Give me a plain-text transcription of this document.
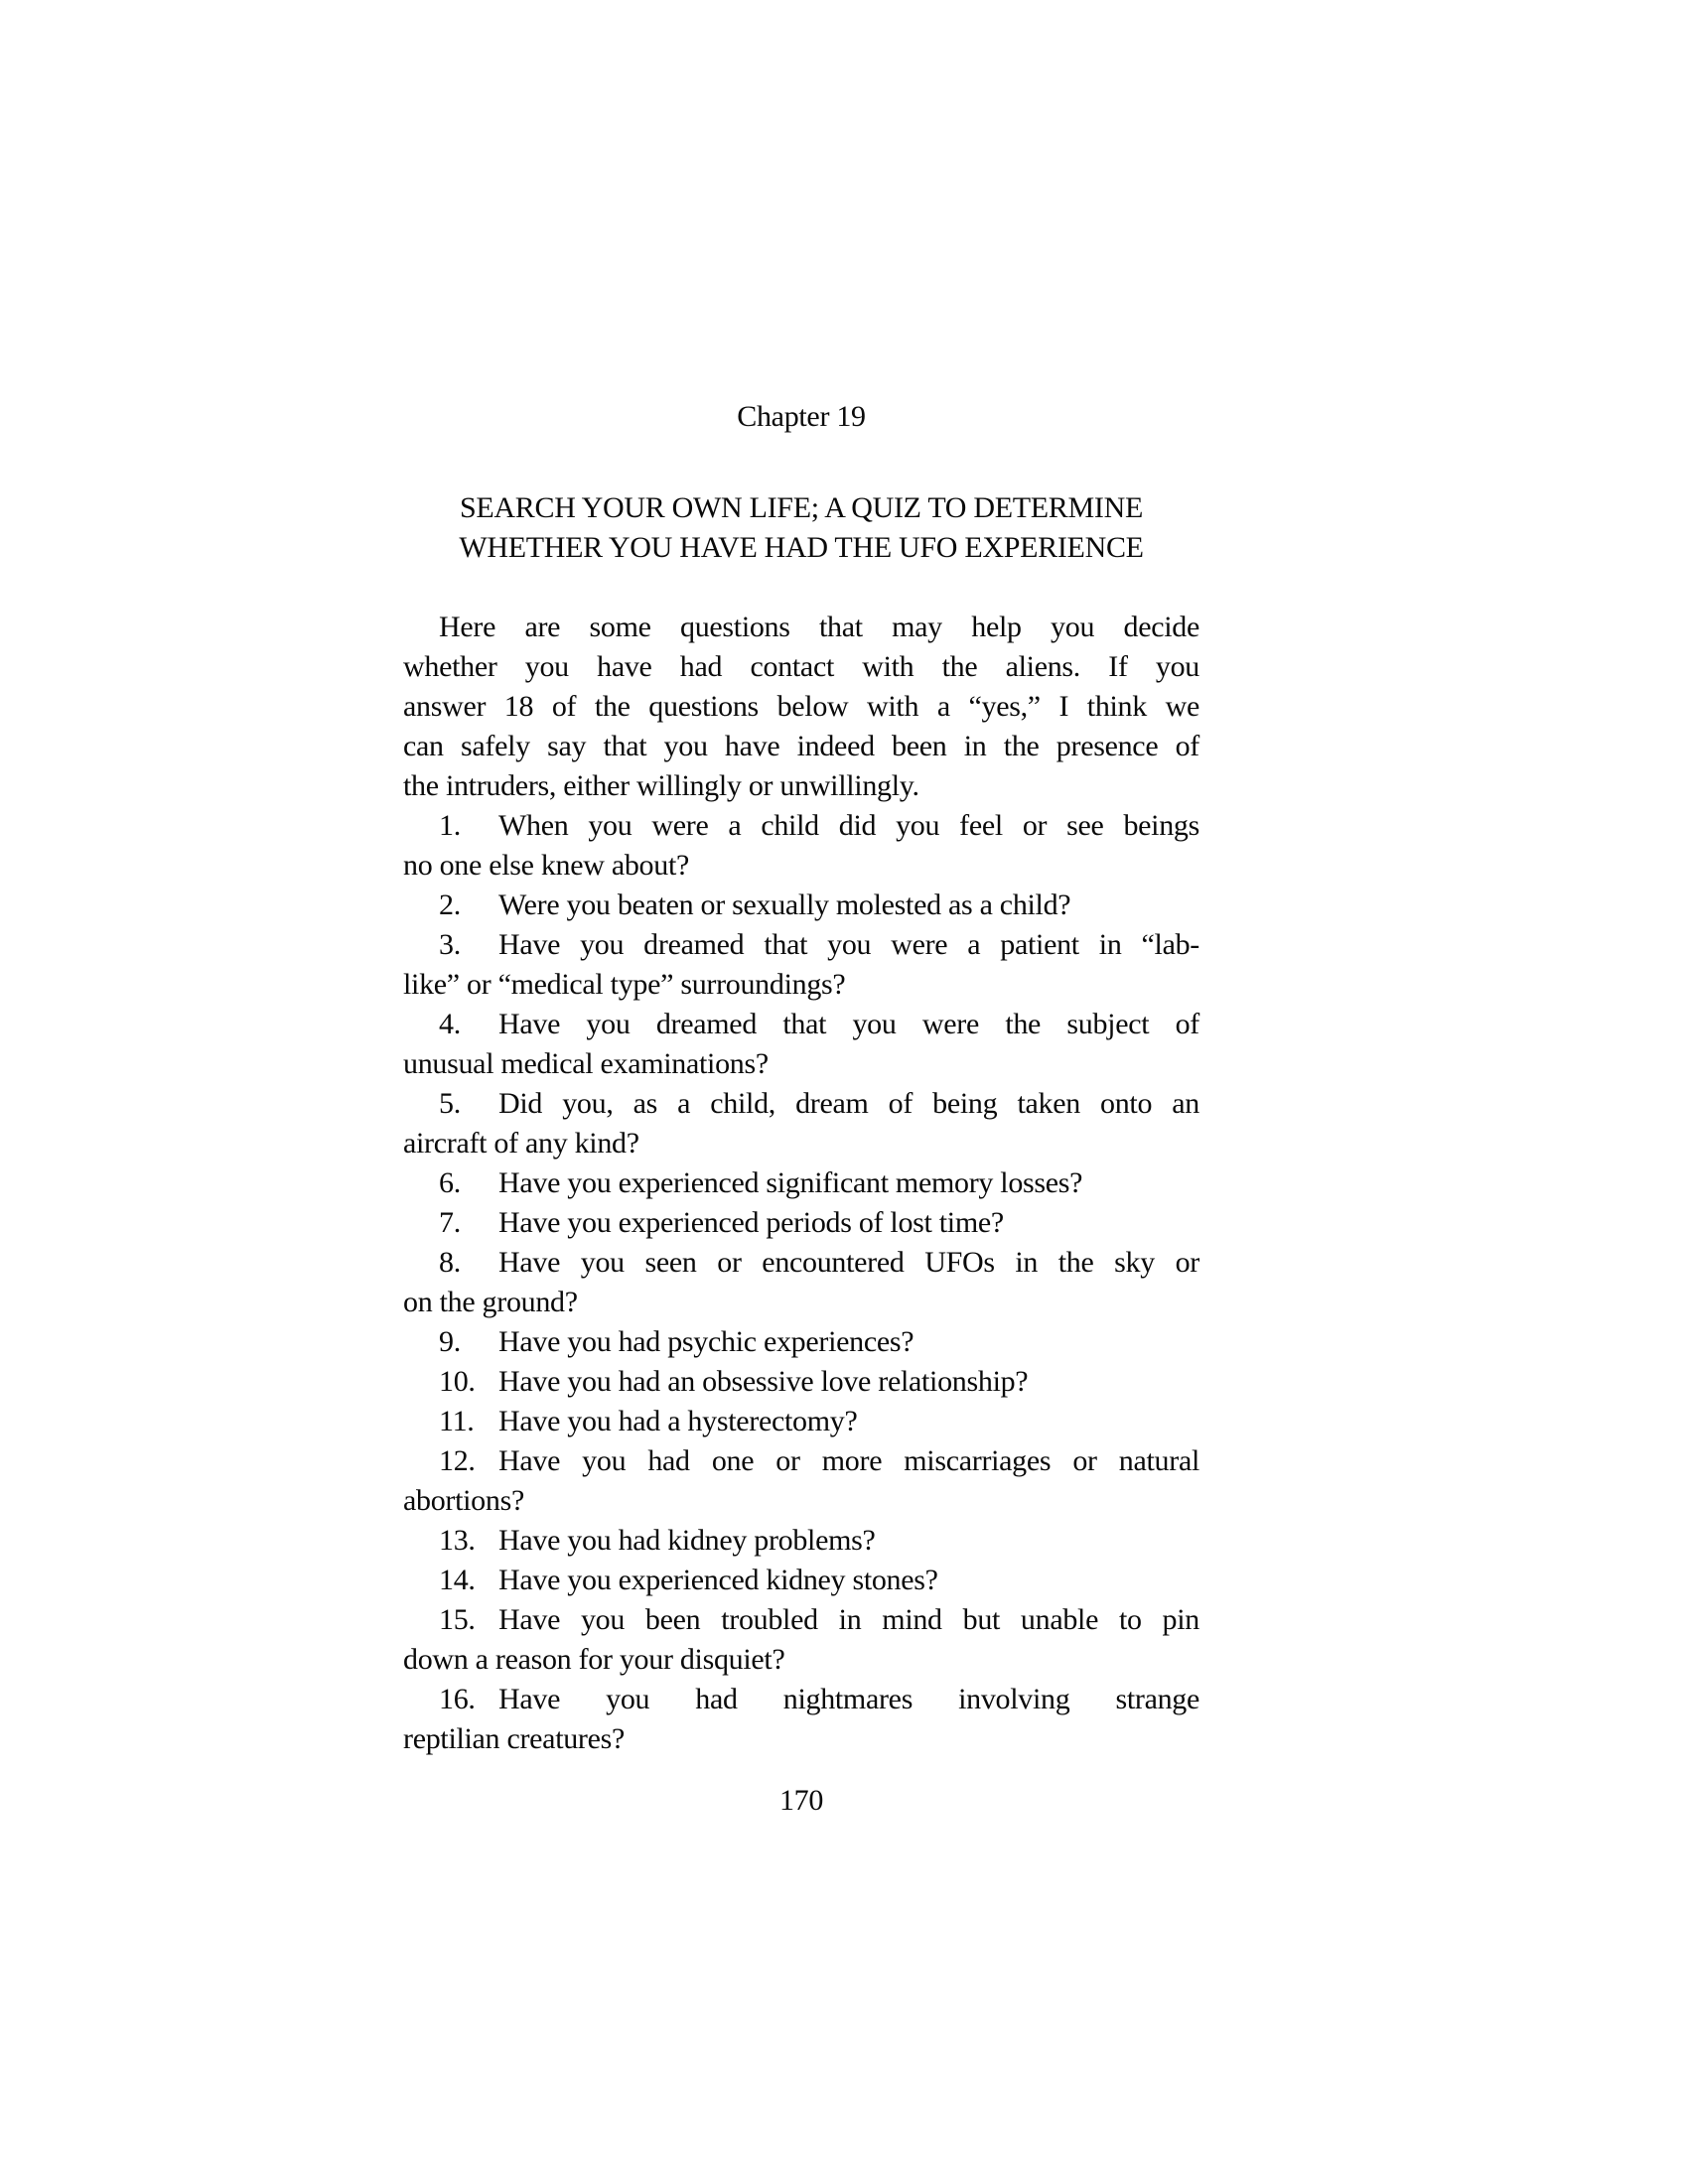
Chapter 19
SEARCH YOUR OWN LIFE; A QUIZ TO DETERMINE
WHETHER YOU HAVE HAD THE UFO EXPERIENCE
Here are some questions that may help you decide
whether you have had contact with the aliens. If you
answer 18 of the questions below with a “yes,” I think we
can safely say that you have indeed been in the presence of
the intruders, either willingly or unwillingly.
1. When you were a child did you feel or see beings
no one else knew about?
2. Were you beaten or sexually molested as a child?
3. Have you dreamed that you were a patient in “lab-
like” or “medical type” surroundings?
4. Have you dreamed that you were the subject of
unusual medical examinations?
5. Did you, as a child, dream of being taken onto an
aircraft of any kind?
6. Have you experienced significant memory losses?
7. Have you experienced periods of lost time?
8. Have you seen or encountered UFOs in the sky or
on the ground?
9. Have you had psychic experiences?
10. Have you had an obsessive love relationship?
11. Have you had a hysterectomy?
12. Have you had one or more miscarriages or natural
abortions?
13. Have you had kidney problems?
14. Have you experienced kidney stones?
15. Have you been troubled in mind but unable to pin
down a reason for your disquiet?
16. Have you had nightmares involving strange
reptilian creatures?
170
